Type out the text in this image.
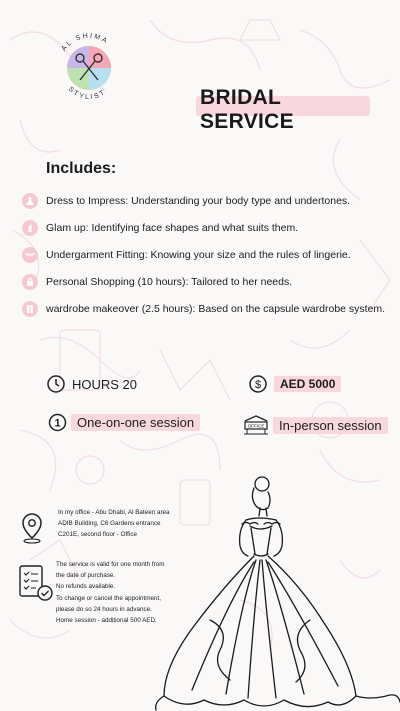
AL SHIMA
STYLIST	BRIDAL SERVICE
Includes:
Dress to Impress: Understanding your body type and undertones.
Glam up: Identifying face shapes and what suits them.
Undergarment Fitting: Knowing your size and the rules of lingerie.
Personal Shopping (10 hours): Tailored to her needs.
wardrobe makeover (2.5 hours): Based on the capsule wardrobe system.
HOURS 20	$	AED 5000
1	One-on-one session	OFFICE	In-person session
In my office - Abu Dhabi, Al Bateen area
ADIB Building, C6 Gardens entrance
C201E, second floor - Office
The service is valid for one month from
the date of purchase.
No refunds available.
To change or cancel the appointment,
please do so 24 hours in advance.
Home session - additional 500 AED.
